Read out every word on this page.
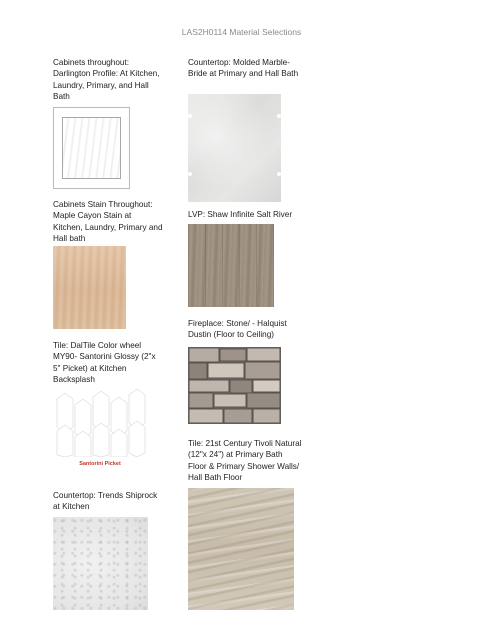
LAS2H0114 Material Selections
Cabinets throughout: Darlington Profile: At Kitchen, Laundry, Primary, and Hall Bath
Cabinets Stain Throughout: Maple Cayon Stain at Kitchen, Laundry, Primary and Hall bath
Tile: DalTile Color wheel MY90- Santorini Glossy (2"x 5" Picket) at Kitchen Backsplash
Santorini Picket
Countertop: Trends Shiprock at Kitchen
Countertop: Molded Marble-Bride at Primary and Hall Bath
LVP: Shaw Infinite Salt River
Fireplace: Stone/ - Halquist Dustin (Floor to Ceiling)
Tile: 21st Century Tivoli Natural (12"x 24") at Primary Bath Floor & Primary Shower Walls/ Hall Bath Floor
